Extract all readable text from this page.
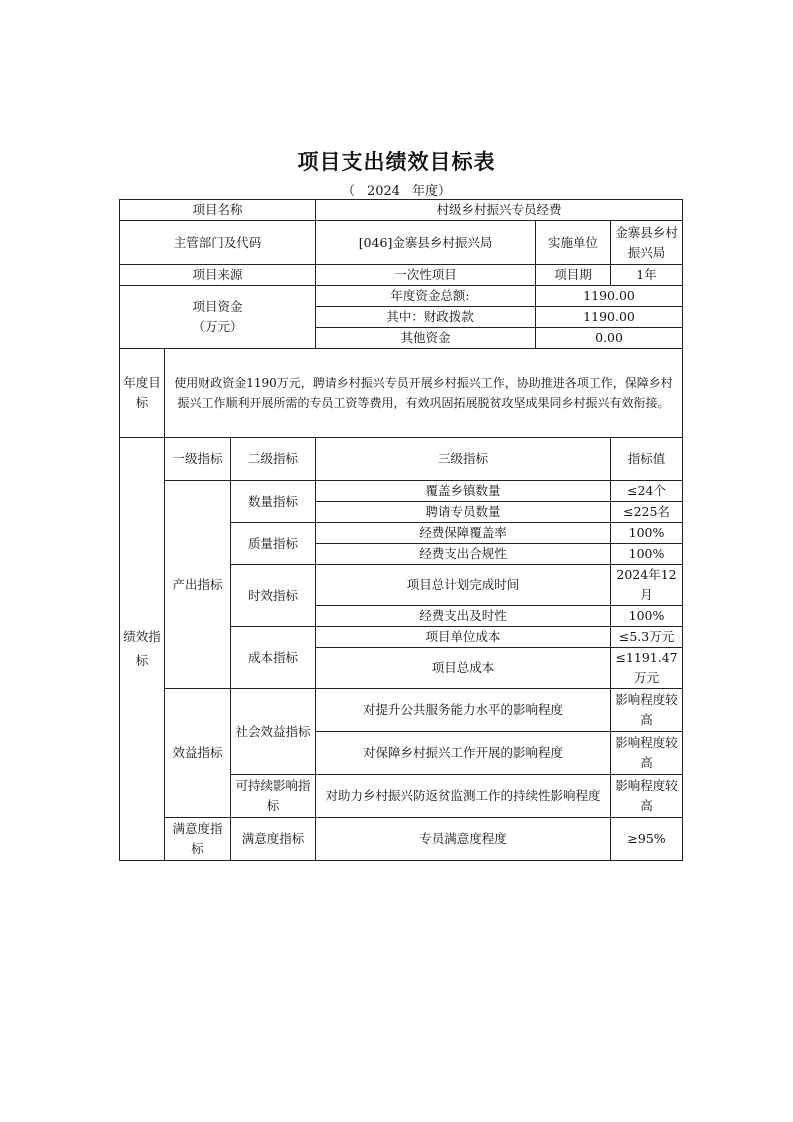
项目支出绩效目标表
（ 2024 年度）
项目名称			村级乡村振兴专员经费		
主管部门及代码			[046]金寨县乡村振兴局	实施单位	金寨县乡村振兴局
项目来源			一次性项目	项目期	1年

项目资金
（万元）			年度资金总额:	1190.00	
			其中：财政拨款	1190.00	
			其他资金	0.00	
年度目标	使用财政资金1190万元，聘请乡村振兴专员开展乡村振兴工作，协助推进各项工作，保障乡村振兴工作顺利开展所需的专员工资等费用，有效巩固拓展脱贫攻坚成果同乡村振兴有效衔接。				
绩效指标	一级指标	二级指标	三级指标		指标值
	产出指标	数量指标	覆盖乡镇数量		≤24个
			聘请专员数量		≤225名
		质量指标	经费保障覆盖率		100%
			经费支出合规性		100%
		时效指标	项目总计划完成时间		2024年12月
			经费支出及时性		100%
		成本指标	项目单位成本		≤5.3万元
			项目总成本		≤1191.47万元
	效益指标	社会效益指标	对提升公共服务能力水平的影响程度		影响程度较高
			对保障乡村振兴工作开展的影响程度		影响程度较高
		可持续影响指标	对助力乡村振兴防返贫监测工作的持续性影响程度		影响程度较高
	满意度指标	满意度指标	专员满意度程度		≥95%
